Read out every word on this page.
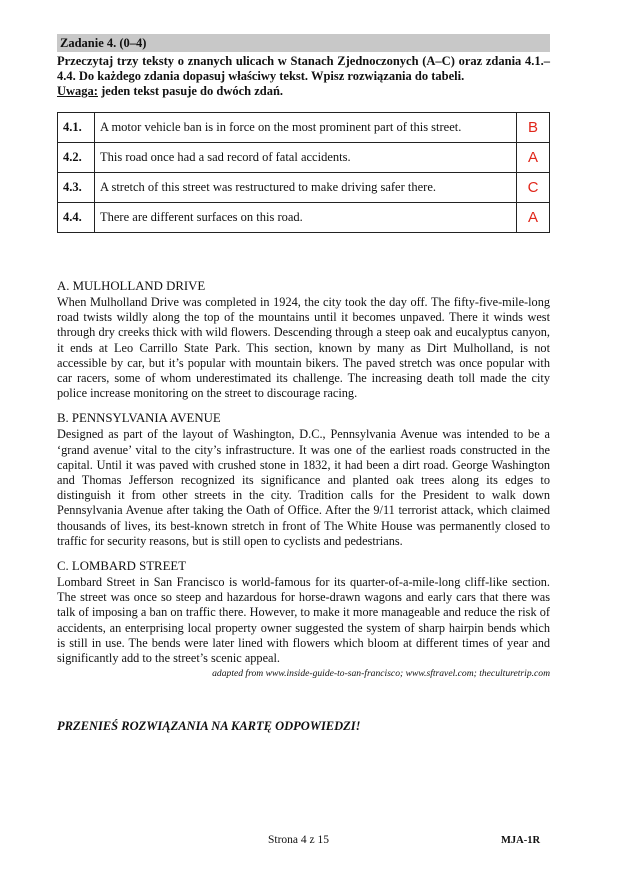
Zadanie 4. (0–4)
Przeczytaj trzy teksty o znanych ulicach w Stanach Zjednoczonych (A–C) oraz zdania 4.1.–4.4. Do każdego zdania dopasuj właściwy tekst. Wpisz rozwiązania do tabeli.
Uwaga: jeden tekst pasuje do dwóch zdań.
4.1.	A motor vehicle ban is in force on the most prominent part of this street.	B
4.2.	This road once had a sad record of fatal accidents.	A
4.3.	A stretch of this street was restructured to make driving safer there.	C
4.4.	There are different surfaces on this road.	A
A. MULHOLLAND DRIVE

When Mulholland Drive was completed in 1924, the city took the day off. The fifty-five-mile-long road twists wildly along the top of the mountains until it becomes unpaved. There it winds west through dry creeks thick with wild flowers. Descending through a steep oak and eucalyptus canyon, it ends at Leo Carrillo State Park. This section, known by many as Dirt Mulholland, is not accessible by car, but it’s popular with mountain bikers. The paved stretch was once popular with car racers, some of whom underestimated its challenge. The increasing death toll made the city police increase monitoring on the street to discourage racing.

B. PENNSYLVANIA AVENUE

Designed as part of the layout of Washington, D.C., Pennsylvania Avenue was intended to be a ‘grand avenue’ vital to the city’s infrastructure. It was one of the earliest roads constructed in the capital. Until it was paved with crushed stone in 1832, it had been a dirt road. George Washington and Thomas Jefferson recognized its significance and planted oak trees along its edges to distinguish it from other streets in the city. Tradition calls for the President to walk down Pennsylvania Avenue after taking the Oath of Office. After the 9/11 terrorist attack, which claimed thousands of lives, its best-known stretch in front of The White House was permanently closed to traffic for security reasons, but is still open to cyclists and pedestrians.

C. LOMBARD STREET

Lombard Street in San Francisco is world-famous for its quarter-of-a-mile-long cliff-like section. The street was once so steep and hazardous for horse-drawn wagons and early cars that there was talk of imposing a ban on traffic there. However, to make it more manageable and reduce the risk of accidents, an enterprising local property owner suggested the system of sharp hairpin bends which is still in use. The bends were later lined with flowers which bloom at different times of year and significantly add to the street’s scenic appeal.

adapted from www.inside-guide-to-san-francisco; www.sftravel.com; theculturetrip.com
PRZENIEŚ ROZWIĄZANIA NA KARTĘ ODPOWIEDZI!
Strona 4 z 15	MJA-1R
